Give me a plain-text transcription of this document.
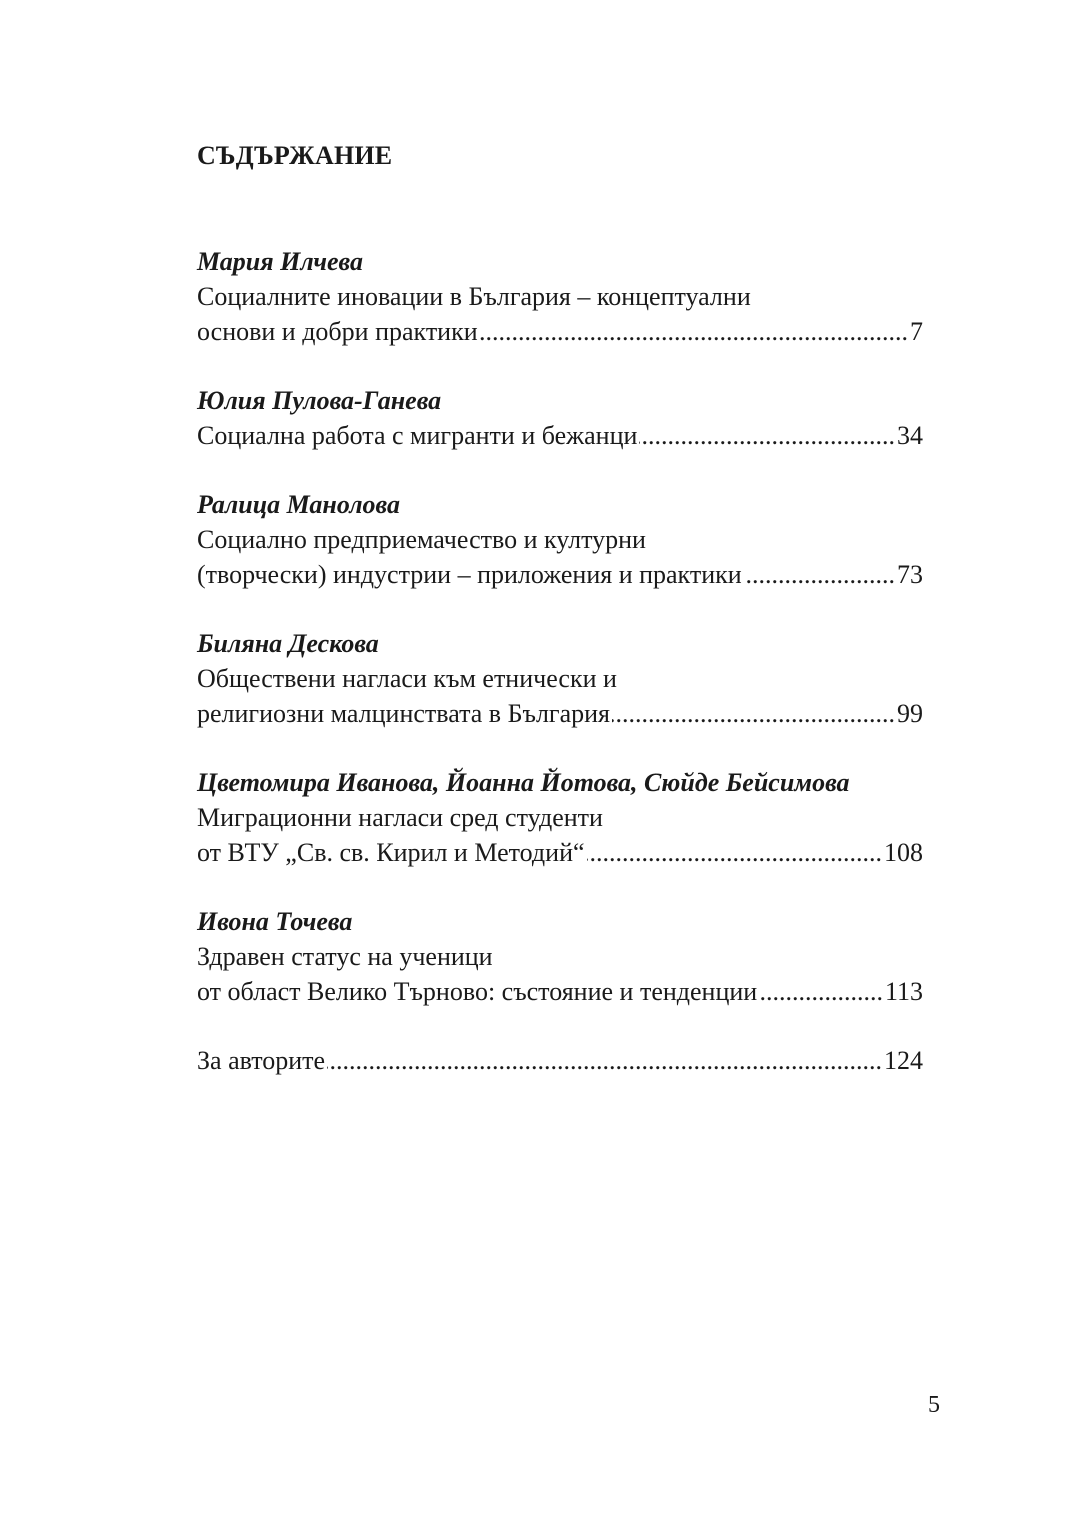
СЪДЪРЖАНИЕ
Мария Илчева
Социалните иновации в България – концептуални
основи и добри практики .....	7
Юлия Пулова-Ганева
Социална работа с мигранти и бежанци .....	34
Ралица Манолова
Социално предприемачество и културни
(творчески) индустрии – приложения и практики .....	73
Биляна Дескова
Обществени нагласи към етнически и
религиозни малцинствата в България .....	99
Цветомира Иванова, Йоанна Йотова, Сюйде Бейсимова
Миграционни нагласи сред студенти
от ВТУ „Св. св. Кирил и Методий“ .....	108
Ивона Точева
Здравен статус на ученици
от област Велико Търново: състояние и тенденции .....	113
За авторите .....	124
5
